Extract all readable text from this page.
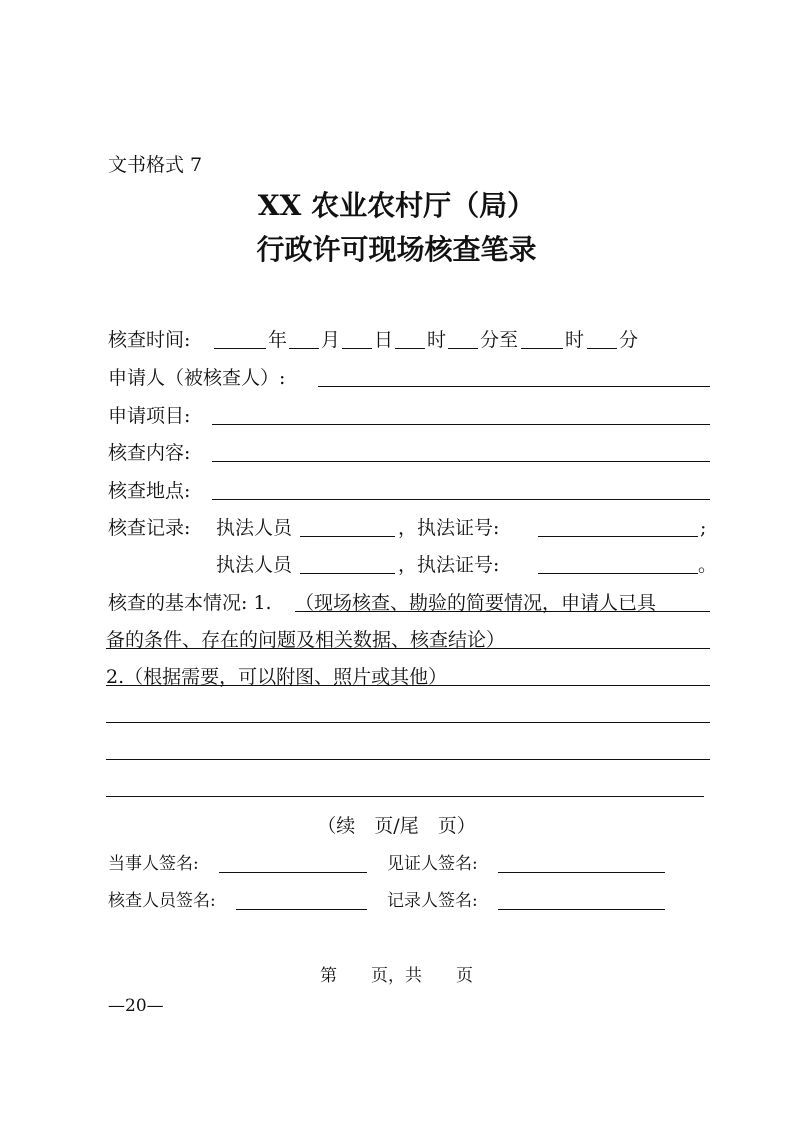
文书格式 7
XX 农业农村厅（局）
行政许可现场核查笔录
核查时间:	年 月 日 时 分至 时 分
申请人（被核查人）:
申请项目:
核查内容:
核查地点:
核查记录: 执法人员	，执法证号:	;
执法人员	，执法证号:	。
核查的基本情况: 1. （现场核查、勘验的简要情况，申请人已具
备的条件、存在的问题及相关数据、核查结论）
2.（根据需要，可以附图、照片或其他）
（续　页/尾　页）
当事人签名:	见证人签名:
核查人员签名:	记录人签名:
第　　页，共　　页
—20—
